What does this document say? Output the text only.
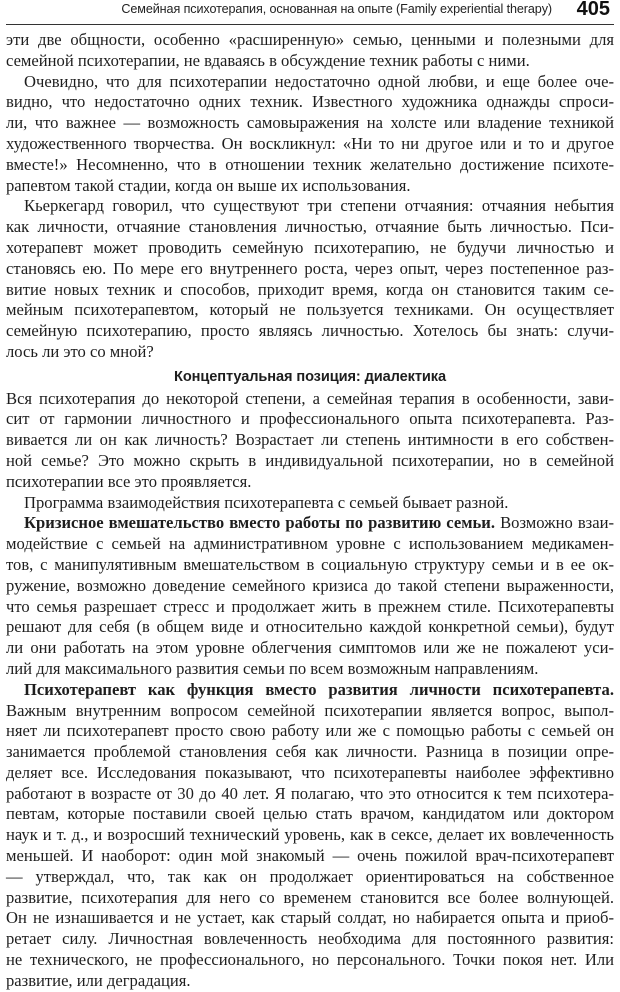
Семейная психотерапия, основанная на опыте (Family experiential therapy) 405
эти две общности, особенно «расширенную» семью, ценными и полезными для
семейной психотерапии, не вдаваясь в обсуждение техник работы с ними.
Очевидно, что для психотерапии недостаточно одной любви, и еще более оче-
видно, что недостаточно одних техник. Известного художника однажды спроси-
ли, что важнее — возможность самовыражения на холсте или владение техникой
художественного творчества. Он воскликнул: «Ни то ни другое или и то и другое
вместе!» Несомненно, что в отношении техник желательно достижение психоте-
рапевтом такой стадии, когда он выше их использования.
Кьеркегард говорил, что существуют три степени отчаяния: отчаяния небытия
как личности, отчаяние становления личностью, отчаяние быть личностью. Пси-
хотерапевт может проводить семейную психотерапию, не будучи личностью и
становясь ею. По мере его внутреннего роста, через опыт, через постепенное раз-
витие новых техник и способов, приходит время, когда он становится таким се-
мейным психотерапевтом, который не пользуется техниками. Он осуществляет
семейную психотерапию, просто являясь личностью. Хотелось бы знать: случи-
лось ли это со мной?
Концептуальная позиция: диалектика
Вся психотерапия до некоторой степени, а семейная терапия в особенности, зави-
сит от гармонии личностного и профессионального опыта психотерапевта. Раз-
вивается ли он как личность? Возрастает ли степень интимности в его собствен-
ной семье? Это можно скрыть в индивидуальной психотерапии, но в семейной
психотерапии все это проявляется.
Программа взаимодействия психотерапевта с семьей бывает разной.
Кризисное вмешательство вместо работы по развитию семьи. Возможно взаи-
модействие с семьей на административном уровне с использованием медикамен-
тов, с манипулятивным вмешательством в социальную структуру семьи и в ее ок-
ружение, возможно доведение семейного кризиса до такой степени выраженности,
что семья разрешает стресс и продолжает жить в прежнем стиле. Психотерапевты
решают для себя (в общем виде и относительно каждой конкретной семьи), будут
ли они работать на этом уровне облегчения симптомов или же не пожалеют уси-
лий для максимального развития семьи по всем возможным направлениям.
Психотерапевт как функция вместо развития личности психотерапевта.
Важным внутренним вопросом семейной психотерапии является вопрос, выпол-
няет ли психотерапевт просто свою работу или же с помощью работы с семьей он
занимается проблемой становления себя как личности. Разница в позиции опре-
деляет все. Исследования показывают, что психотерапевты наиболее эффективно
работают в возрасте от 30 до 40 лет. Я полагаю, что это относится к тем психотера-
певтам, которые поставили своей целью стать врачом, кандидатом или доктором
наук и т. д., и возросший технический уровень, как в сексе, делает их вовлеченность
меньшей. И наоборот: один мой знакомый — очень пожилой врач-психотерапевт
— утверждал, что, так как он продолжает ориентироваться на собственное
развитие, психотерапия для него со временем становится все более волнующей.
Он не изнашивается и не устает, как старый солдат, но набирается опыта и приоб-
ретает силу. Личностная вовлеченность необходима для постоянного развития:
не технического, не профессионального, но персонального. Точки покоя нет. Или
развитие, или деградация.
